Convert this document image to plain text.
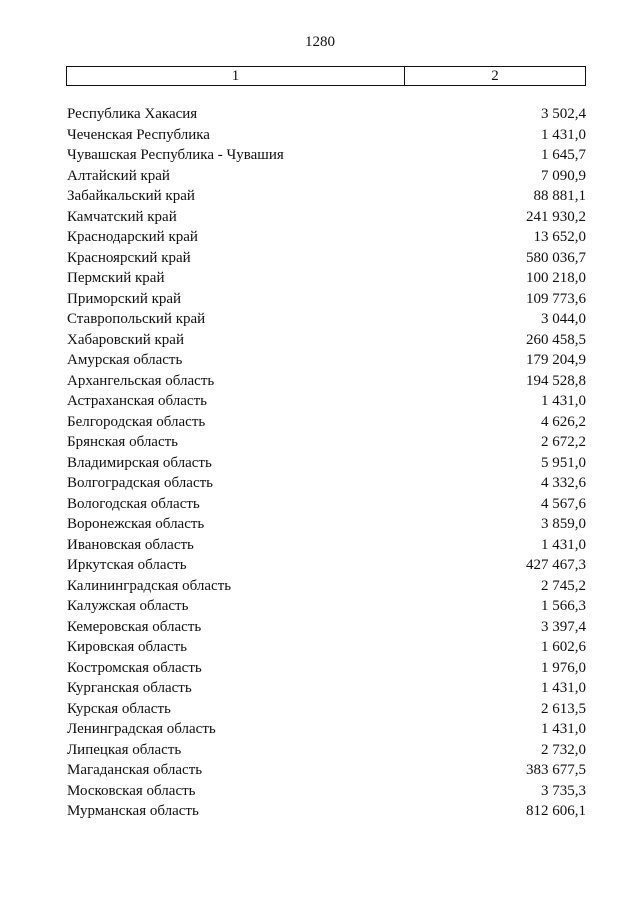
1280
1	2
Республика Хакасия	3 502,4
Чеченская Республика	1 431,0
Чувашская Республика - Чувашия	1 645,7
Алтайский край	7 090,9
Забайкальский край	88 881,1
Камчатский край	241 930,2
Краснодарский край	13 652,0
Красноярский край	580 036,7
Пермский край	100 218,0
Приморский край	109 773,6
Ставропольский край	3 044,0
Хабаровский край	260 458,5
Амурская область	179 204,9
Архангельская область	194 528,8
Астраханская область	1 431,0
Белгородская область	4 626,2
Брянская область	2 672,2
Владимирская область	5 951,0
Волгоградская область	4 332,6
Вологодская область	4 567,6
Воронежская область	3 859,0
Ивановская область	1 431,0
Иркутская область	427 467,3
Калининградская область	2 745,2
Калужская область	1 566,3
Кемеровская область	3 397,4
Кировская область	1 602,6
Костромская область	1 976,0
Курганская область	1 431,0
Курская область	2 613,5
Ленинградская область	1 431,0
Липецкая область	2 732,0
Магаданская область	383 677,5
Московская область	3 735,3
Мурманская область	812 606,1
